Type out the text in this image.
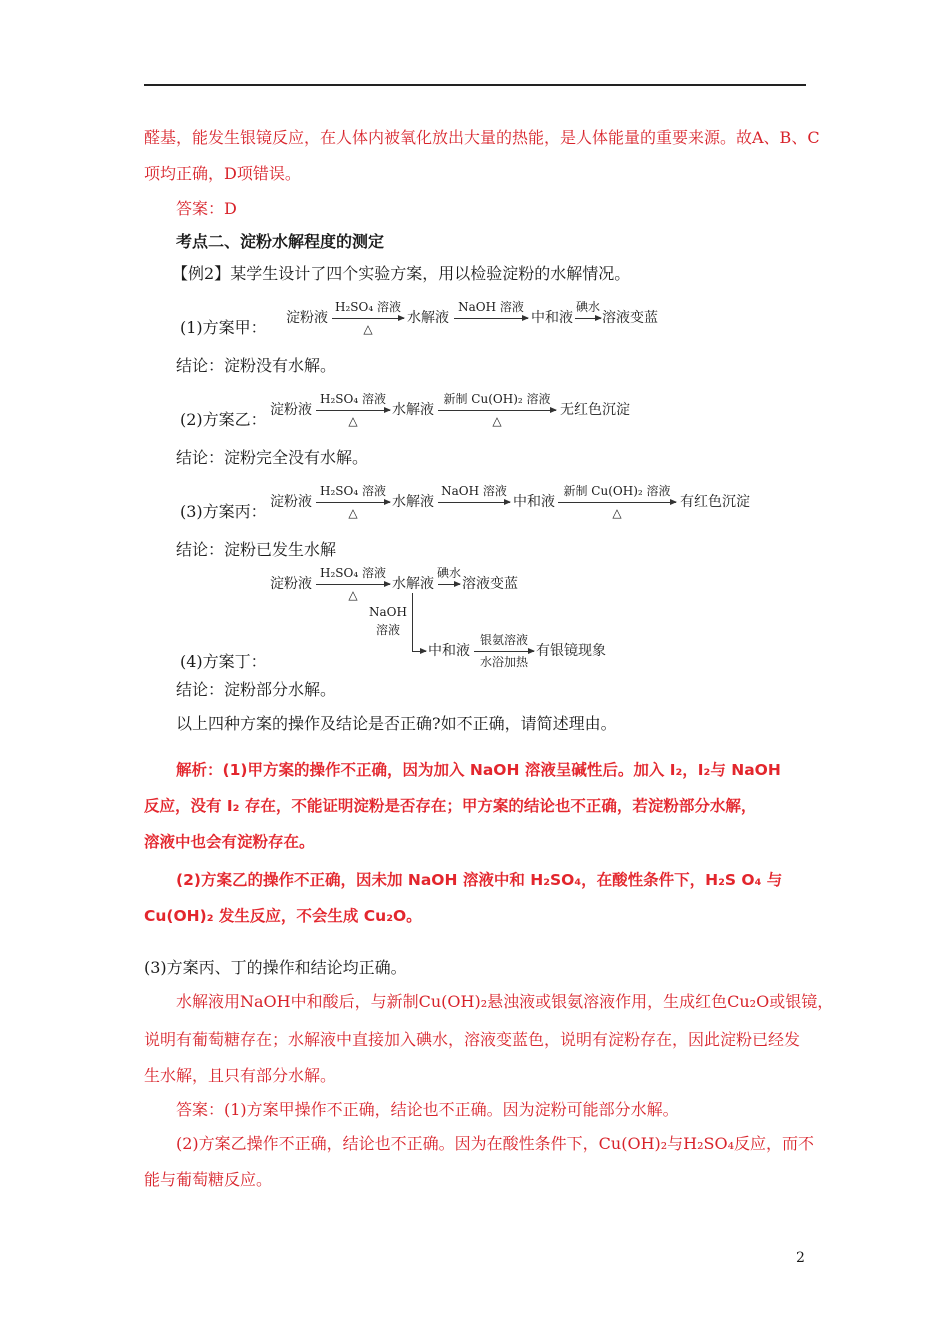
醛基，能发生银镜反应，在人体内被氧化放出大量的热能，是人体能量的重要来源。故A、B、C
项均正确，D项错误。
答案：D
考点二、淀粉水解程度的测定
【例2】某学生设计了四个实验方案，用以检验淀粉的水解情况。
(1)方案甲： 淀粉液
H₂SO₄ 溶液
△
水解液
NaOH 溶液
中和液
碘水
溶液变蓝
结论：淀粉没有水解。
(2)方案乙： 淀粉液
H₂SO₄ 溶液
△
水解液
新制 Cu(OH)₂ 溶液
△
无红色沉淀
结论：淀粉完全没有水解。
(3)方案丙： 淀粉液
H₂SO₄ 溶液
△
水解液
NaOH 溶液
中和液
新制 Cu(OH)₂ 溶液
△
有红色沉淀
结论：淀粉已发生水解
淀粉液
H₂SO₄ 溶液
△
水解液
碘水
溶液变蓝
NaOH
溶液
中和液
银氨溶液
水浴加热
有银镜现象
(4)方案丁：
结论：淀粉部分水解。
以上四种方案的操作及结论是否正确?如不正确，请简述理由。
解析：(1)甲方案的操作不正确，因为加入 NaOH 溶液呈碱性后。加入 I₂，I₂与 NaOH
反应，没有 I₂ 存在，不能证明淀粉是否存在；甲方案的结论也不正确，若淀粉部分水解，
溶液中也会有淀粉存在。
(2)方案乙的操作不正确，因未加 NaOH 溶液中和 H₂SO₄，在酸性条件下，H₂S O₄ 与
Cu(OH)₂ 发生反应，不会生成 Cu₂O。
(3)方案丙、丁的操作和结论均正确。
水解液用NaOH中和酸后，与新制Cu(OH)₂悬浊液或银氨溶液作用，生成红色Cu₂O或银镜，
说明有葡萄糖存在；水解液中直接加入碘水，溶液变蓝色，说明有淀粉存在，因此淀粉已经发
生水解，且只有部分水解。
答案：(1)方案甲操作不正确，结论也不正确。因为淀粉可能部分水解。
(2)方案乙操作不正确，结论也不正确。因为在酸性条件下，Cu(OH)₂与H₂SO₄反应，而不
能与葡萄糖反应。
2
